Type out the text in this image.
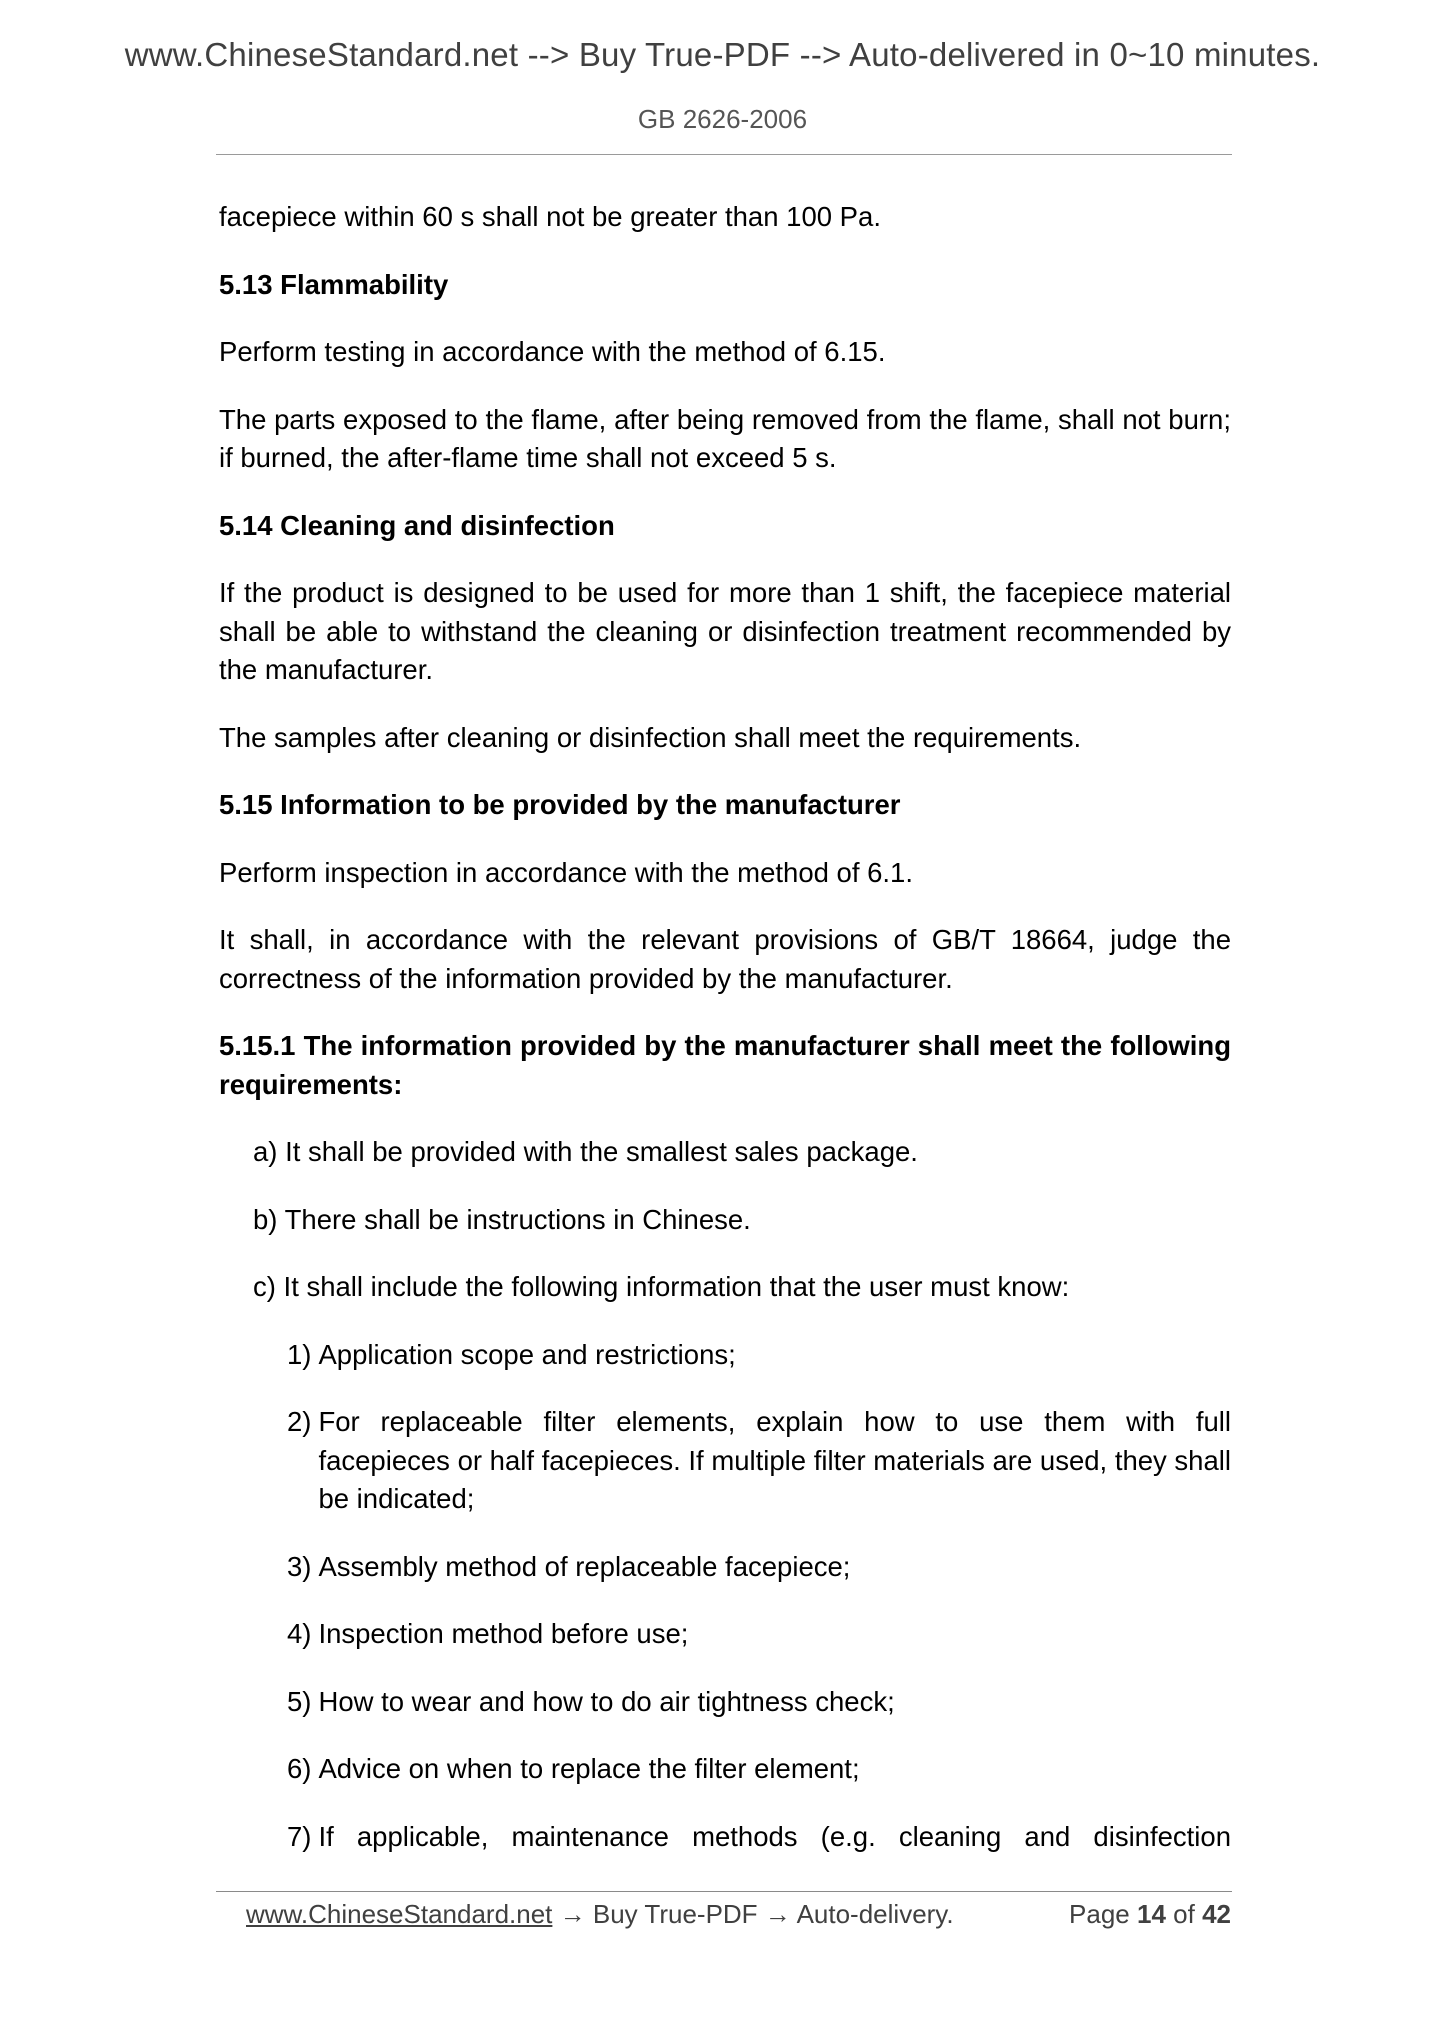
www.ChineseStandard.net --> Buy True-PDF --> Auto-delivered in 0~10 minutes.
GB 2626-2006

facepiece within 60 s shall not be greater than 100 Pa.

5.13 Flammability

Perform testing in accordance with the method of 6.15.

The parts exposed to the flame, after being removed from the flame, shall not burn; if burned, the after-flame time shall not exceed 5 s.

5.14 Cleaning and disinfection

If the product is designed to be used for more than 1 shift, the facepiece material shall be able to withstand the cleaning or disinfection treatment recommended by the manufacturer.

The samples after cleaning or disinfection shall meet the requirements.

5.15 Information to be provided by the manufacturer

Perform inspection in accordance with the method of 6.1.

It shall, in accordance with the relevant provisions of GB/T 18664, judge the correctness of the information provided by the manufacturer.

5.15.1 The information provided by the manufacturer shall meet the following requirements:

a) It shall be provided with the smallest sales package.

b) There shall be instructions in Chinese.

c) It shall include the following information that the user must know:

1) Application scope and restrictions;
2) For replaceable filter elements, explain how to use them with full facepieces or half facepieces. If multiple filter materials are used, they shall be indicated;
3) Assembly method of replaceable facepiece;
4) Inspection method before use;
5) How to wear and how to do air tightness check;
6) Advice on when to replace the filter element;
7) If applicable, maintenance methods (e.g. cleaning and disinfection
www.ChineseStandard.net → Buy True-PDF → Auto-delivery.	Page 14 of 42
